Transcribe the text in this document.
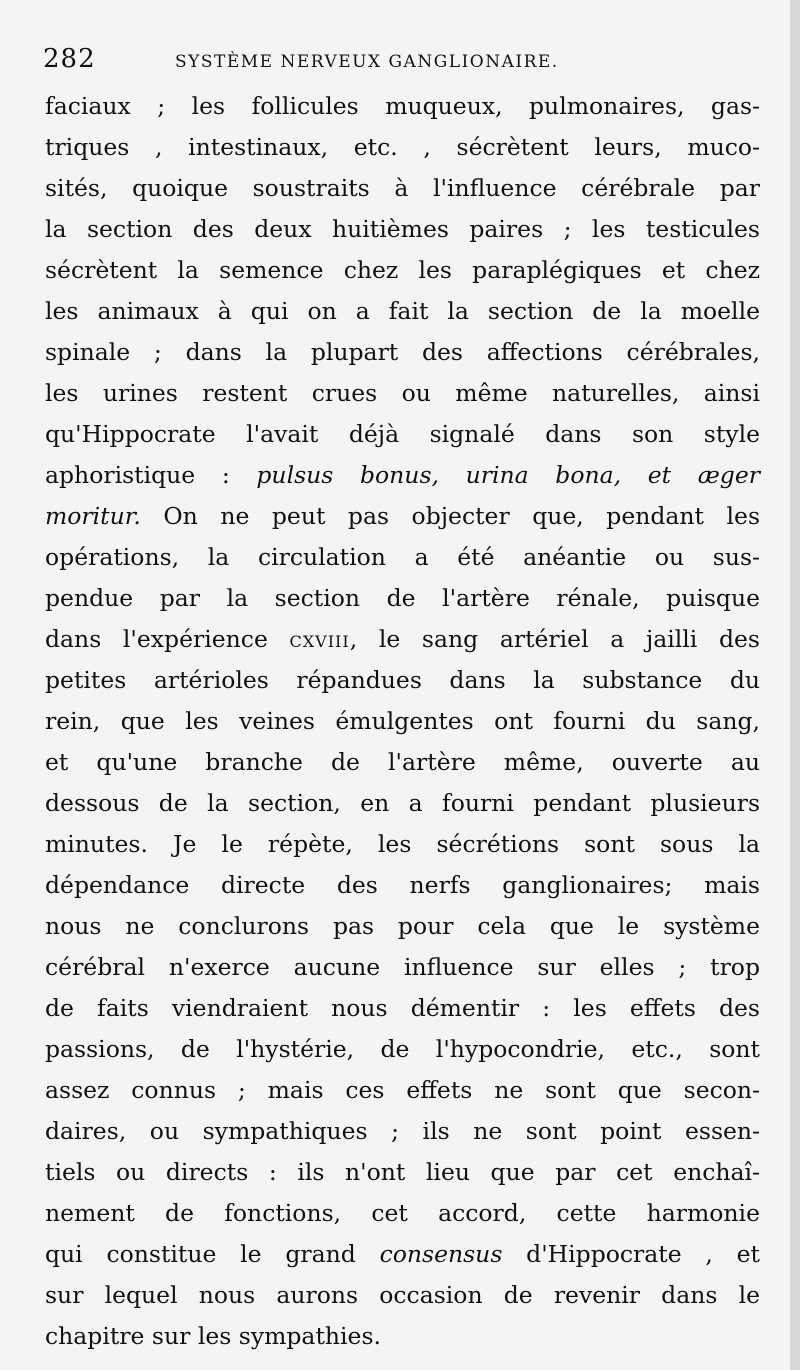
282	SYSTÈME NERVEUX GANGLIONAIRE.
faciaux ; les follicules muqueux, pulmonaires, gas-
triques , intestinaux, etc. , sécrètent leurs, muco-
sités, quoique soustraits à l'influence cérébrale par
la section des deux huitièmes paires ; les testicules
sécrètent la semence chez les paraplégiques et chez
les animaux à qui on a fait la section de la moelle
spinale ; dans la plupart des affections cérébrales,
les urines restent crues ou même naturelles, ainsi
qu'Hippocrate l'avait déjà signalé dans son style
aphoristique : pulsus bonus, urina bona, et æger
moritur. On ne peut pas objecter que, pendant les
opérations, la circulation a été anéantie ou sus-
pendue par la section de l'artère rénale, puisque
dans l'expérience cxviii, le sang artériel a jailli des
petites artérioles répandues dans la substance du
rein, que les veines émulgentes ont fourni du sang,
et qu'une branche de l'artère même, ouverte au
dessous de la section, en a fourni pendant plusieurs
minutes. Je le répète, les sécrétions sont sous la
dépendance directe des nerfs ganglionaires; mais
nous ne conclurons pas pour cela que le système
cérébral n'exerce aucune influence sur elles ; trop
de faits viendraient nous démentir : les effets des
passions, de l'hystérie, de l'hypocondrie, etc., sont
assez connus ; mais ces effets ne sont que secon-
daires, ou sympathiques ; ils ne sont point essen-
tiels ou directs : ils n'ont lieu que par cet enchaî-
nement de fonctions, cet accord, cette harmonie
qui constitue le grand consensus d'Hippocrate , et
sur lequel nous aurons occasion de revenir dans le
chapitre sur les sympathies.
